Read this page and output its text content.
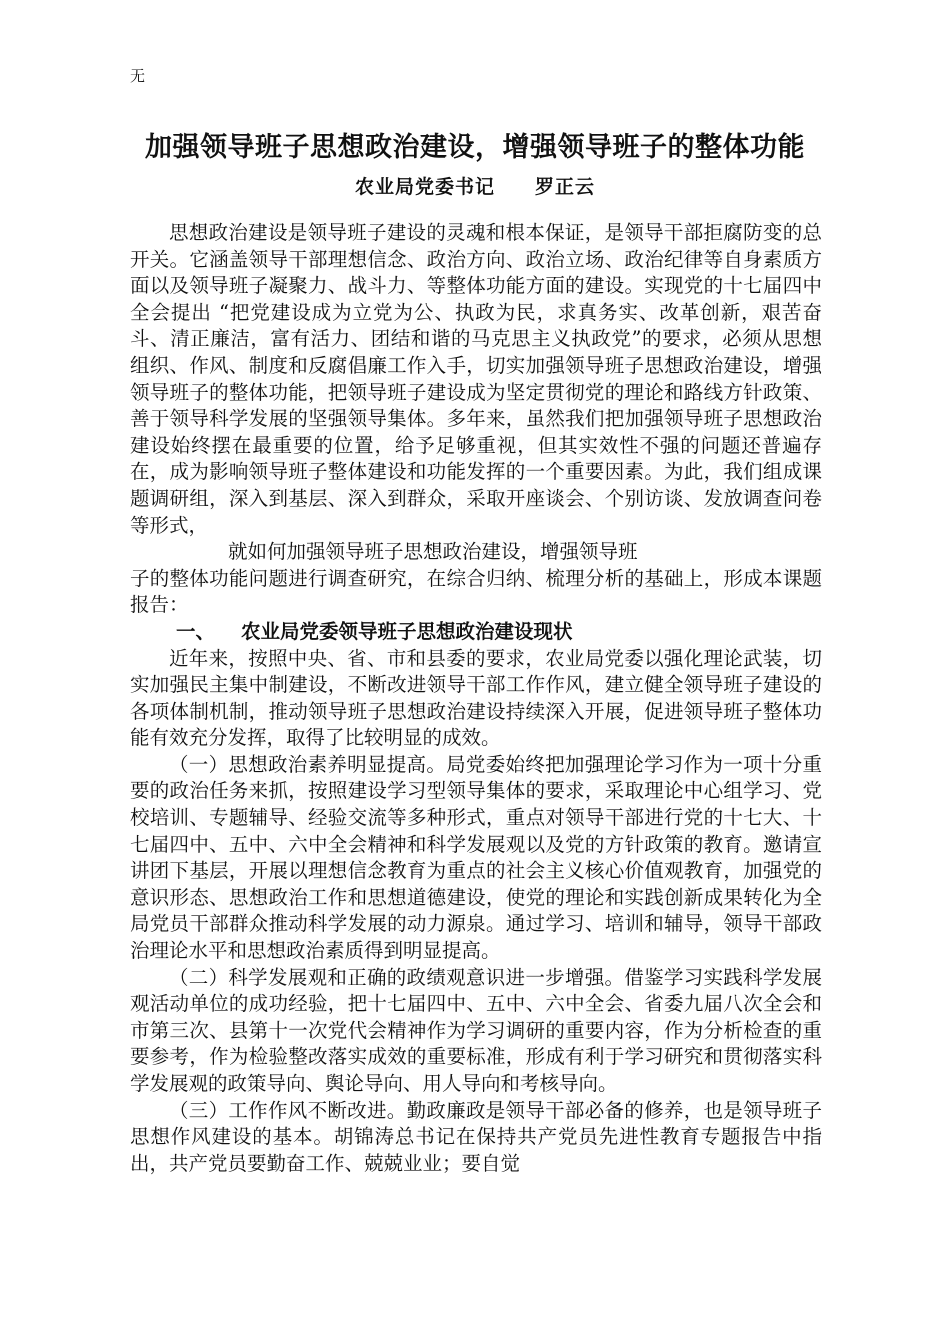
无
加强领导班子思想政治建设，增强领导班子的整体功能
农业局党委书记 罗正云

思想政治建设是领导班子建设的灵魂和根本保证，是领导干部拒腐防变的总开关。它涵盖领导干部理想信念、政治方向、政治立场、政治纪律等自身素质方面以及领导班子凝聚力、战斗力、等整体功能方面的建设。实现党的十七届四中全会提出 “把党建设成为立党为公、执政为民，求真务实、改革创新，艰苦奋斗、清正廉洁，富有活力、团结和谐的马克思主义执政党”的要求，必须从思想组织、作风、制度和反腐倡廉工作入手，切实加强领导班子思想政治建设，增强领导班子的整体功能，把领导班子建设成为坚定贯彻党的理论和路线方针政策、善于领导科学发展的坚强领导集体。多年来，虽然我们把加强领导班子思想政治建设始终摆在最重要的位置，给予足够重视，但其实效性不强的问题还普遍存在，成为影响领导班子整体建设和功能发挥的一个重要因素。为此，我们组成课题调研组，深入到基层、深入到群众，采取开座谈会、个别访谈、发放调查问卷等形式，

就如何加强领导班子思想政治建设，增强领导班

子的整体功能问题进行调查研究，在综合归纳、梳理分析的基础上，形成本课题报告：

一、 农业局党委领导班子思想政治建设现状

近年来，按照中央、省、市和县委的要求，农业局党委以强化理论武装，切实加强民主集中制建设，不断改进领导干部工作作风，建立健全领导班子建设的各项体制机制，推动领导班子思想政治建设持续深入开展，促进领导班子整体功能有效充分发挥，取得了比较明显的成效。

（一）思想政治素养明显提高。局党委始终把加强理论学习作为一项十分重要的政治任务来抓，按照建设学习型领导集体的要求，采取理论中心组学习、党校培训、专题辅导、经验交流等多种形式，重点对领导干部进行党的十七大、十七届四中、五中、六中全会精神和科学发展观以及党的方针政策的教育。邀请宣讲团下基层，开展以理想信念教育为重点的社会主义核心价值观教育，加强党的意识形态、思想政治工作和思想道德建设，使党的理论和实践创新成果转化为全局党员干部群众推动科学发展的动力源泉。通过学习、培训和辅导，领导干部政治理论水平和思想政治素质得到明显提高。

（二）科学发展观和正确的政绩观意识进一步增强。借鉴学习实践科学发展观活动单位的成功经验，把十七届四中、五中、六中全会、省委九届八次全会和市第三次、县第十一次党代会精神作为学习调研的重要内容，作为分析检查的重要参考，作为检验整改落实成效的重要标准，形成有利于学习研究和贯彻落实科学发展观的政策导向、舆论导向、用人导向和考核导向。

（三）工作作风不断改进。勤政廉政是领导干部必备的修养，也是领导班子思想作风建设的基本。胡锦涛总书记在保持共产党员先进性教育专题报告中指出，共产党员要勤奋工作、兢兢业业；要自觉
